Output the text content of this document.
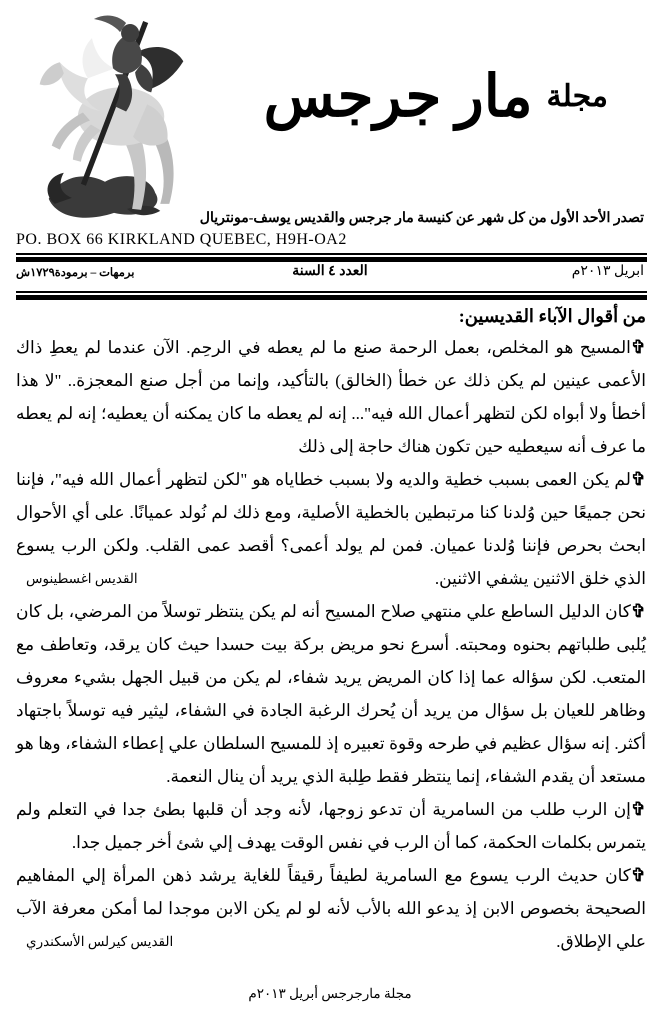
مجلة
مار جرجس
تصدر الأحد الأول من كل شهر عن كنيسة مار جرجس والقديس يوسف-مونتريال
PO. BOX 66 KIRKLAND QUEBEC, H9H-OA2
ابريل ٢٠١٣م
العدد ٤ السنة
برمهات – برمودة١٧٢٩ش
من أقوال الآباء القديسين:

✞المسيح هو المخلص، بعمل الرحمة صنع ما لم يعطه في الرحِم. الآن عندما لم يعطِ ذاك الأعمى عينين لم يكن ذلك عن خطأ (الخالق) بالتأكيد، وإنما من أجل صنع المعجزة.. "لا هذا أخطأ ولا أبواه لكن لتظهر أعمال الله فيه"... إنه لم يعطه ما كان يمكنه أن يعطيه؛ إنه لم يعطه ما عرف أنه سيعطيه حين تكون هناك حاجة إلى ذلك

✞لم يكن العمى بسبب خطية والديه ولا بسبب خطاياه هو "لكن لتظهر أعمال الله فيه"، فإننا نحن جميعًا حين وُلدنا كنا مرتبطين بالخطية الأصلية، ومع ذلك لم نُولد عميانًا. على أي الأحوال ابحث بحرص فإننا وُلدنا عميان. فمن لم يولد أعمى؟ أقصد عمى القلب. ولكن الرب يسوع الذي خلق الاثنين يشفي الاثنين.

القديس اغسطينوس

✞كان الدليل الساطع علي منتهي صلاح المسيح أنه لم يكن ينتظر توسلاً من المرضي، بل كان يُلبى طلباتهم بحنوه ومحبته. أسرع نحو مريض بركة بيت حسدا حيث كان يرقد، وتعاطف مع المتعب. لكن سؤاله عما إذا كان المريض يريد شفاء، لم يكن من قبيل الجهل بشيء معروف وظاهر للعيان بل سؤال من يريد أن يُحرك الرغبة الجادة في الشفاء، ليثير فيه توسلاً باجتهاد أكثر. إنه سؤال عظيم في طرحه وقوة تعبيره إذ للمسيح السلطان علي إعطاء الشفاء، وها هو مستعد أن يقدم الشفاء، إنما ينتظر فقط طِلبة الذي يريد أن ينال النعمة.

✞إن الرب طلب من السامرية أن تدعو زوجها، لأنه وجد أن قلبها بطئ جدا في التعلم ولم يتمرس بكلمات الحكمة، كما أن الرب في نفس الوقت يهدف إلي شئ أخر جميل جدا.

✞كان حديث الرب يسوع مع السامرية لطيفاً رقيقاً للغاية يرشد ذهن المرأة إلي المفاهيم الصحيحة بخصوص الابن إذ يدعو الله بالأب لأنه لو لم يكن الابن موجدا لما أمكن معرفة الآب علي الإطلاق.

القديس كيرلس الأسكندري
مجلة مارجرجس أبريل ٢٠١٣م
